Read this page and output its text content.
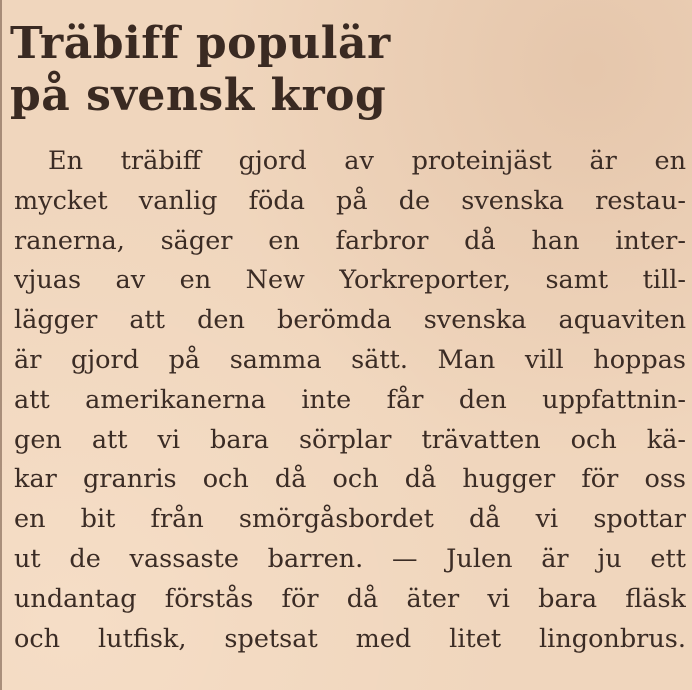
Träbiff populär
på svensk krog
En träbiff gjord av proteinjäst är en
mycket vanlig föda på de svenska restau-
ranerna, säger en farbror då han inter-
vjuas av en New Yorkreporter, samt till-
lägger att den berömda svenska aquaviten
är gjord på samma sätt. Man vill hoppas
att amerikanerna inte får den uppfattnin-
gen att vi bara sörplar trävatten och kä-
kar granris och då och då hugger för oss
en bit från smörgåsbordet då vi spottar
ut de vassaste barren. — Julen är ju ett
undantag förstås för då äter vi bara fläsk
och lutfisk, spetsat med litet lingonbrus.
